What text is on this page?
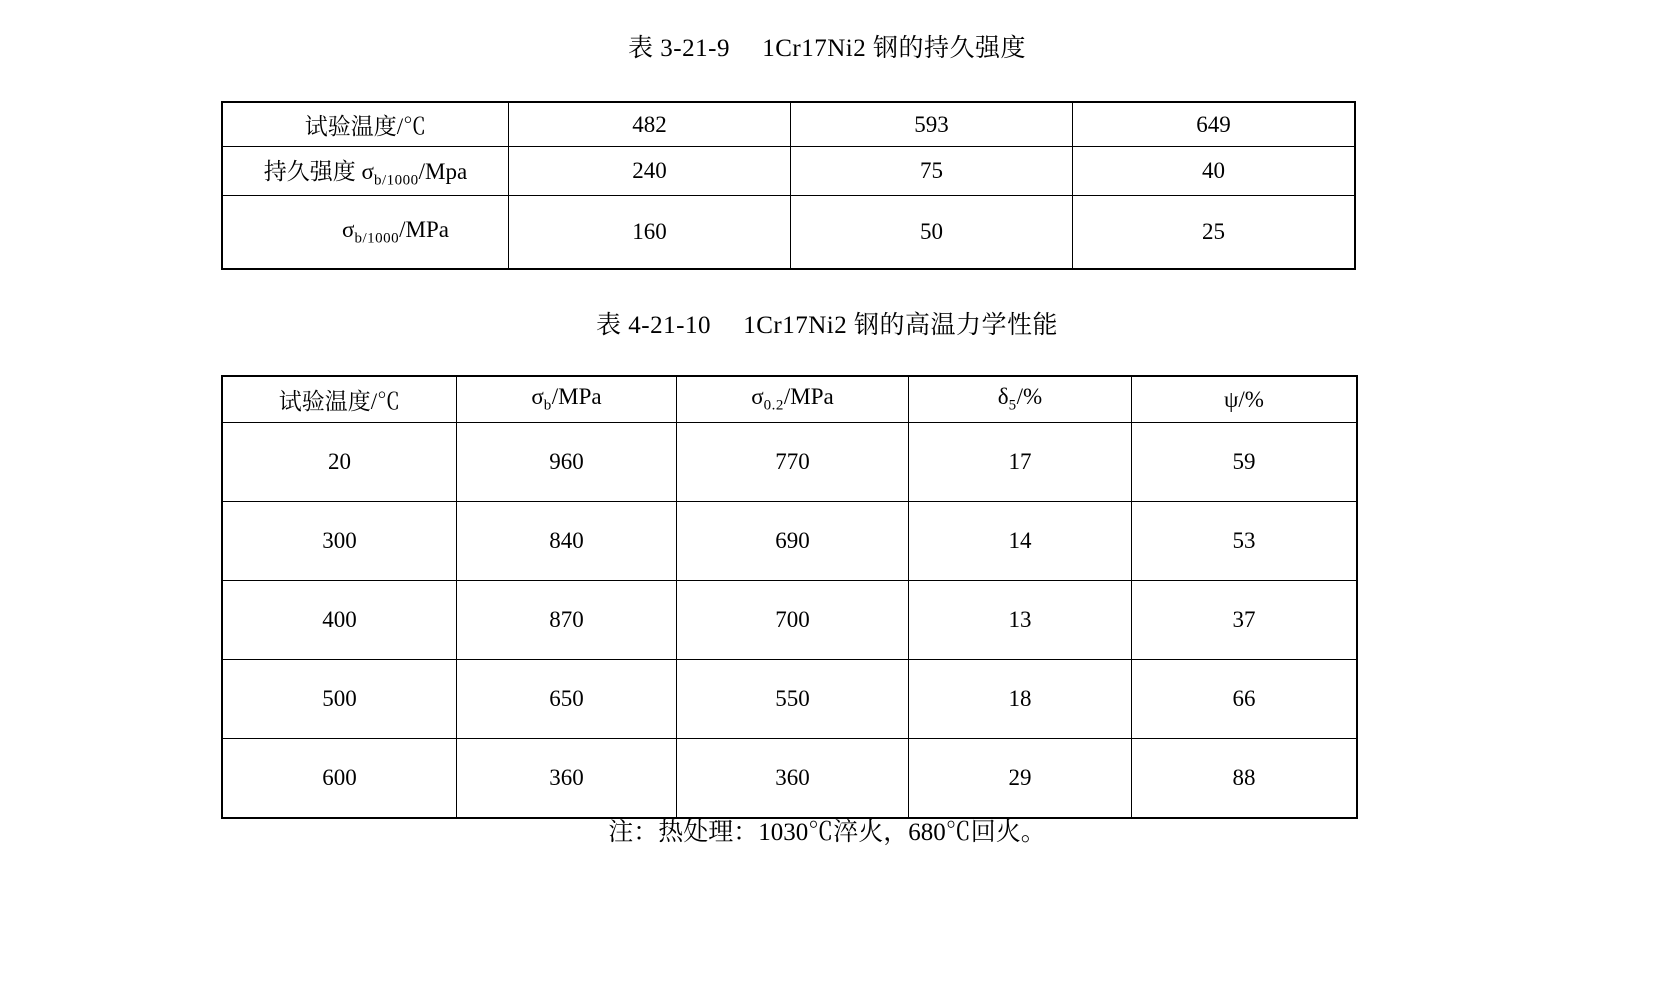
表 3-21-9　 1Cr17Ni2 钢的持久强度
试验温度/℃	482	593	649
持久强度 $\sigma_{b/1000}$/Mpa	240	75	40

$\sigma_{b/1000}$/MPa	160	50	25
表 4-21-10　 1Cr17Ni2 钢的高温力学性能
试验温度/℃	$\sigma_b$/MPa	$\sigma_{0.2}$/MPa	$\delta_5/\%$	ψ/%
20	960	770	17	59
300	840	690	14	53
400	870	700	13	37
500	650	550	18	66
600	360	360	29	88
注：热处理：1030℃淬火，680℃回火。
